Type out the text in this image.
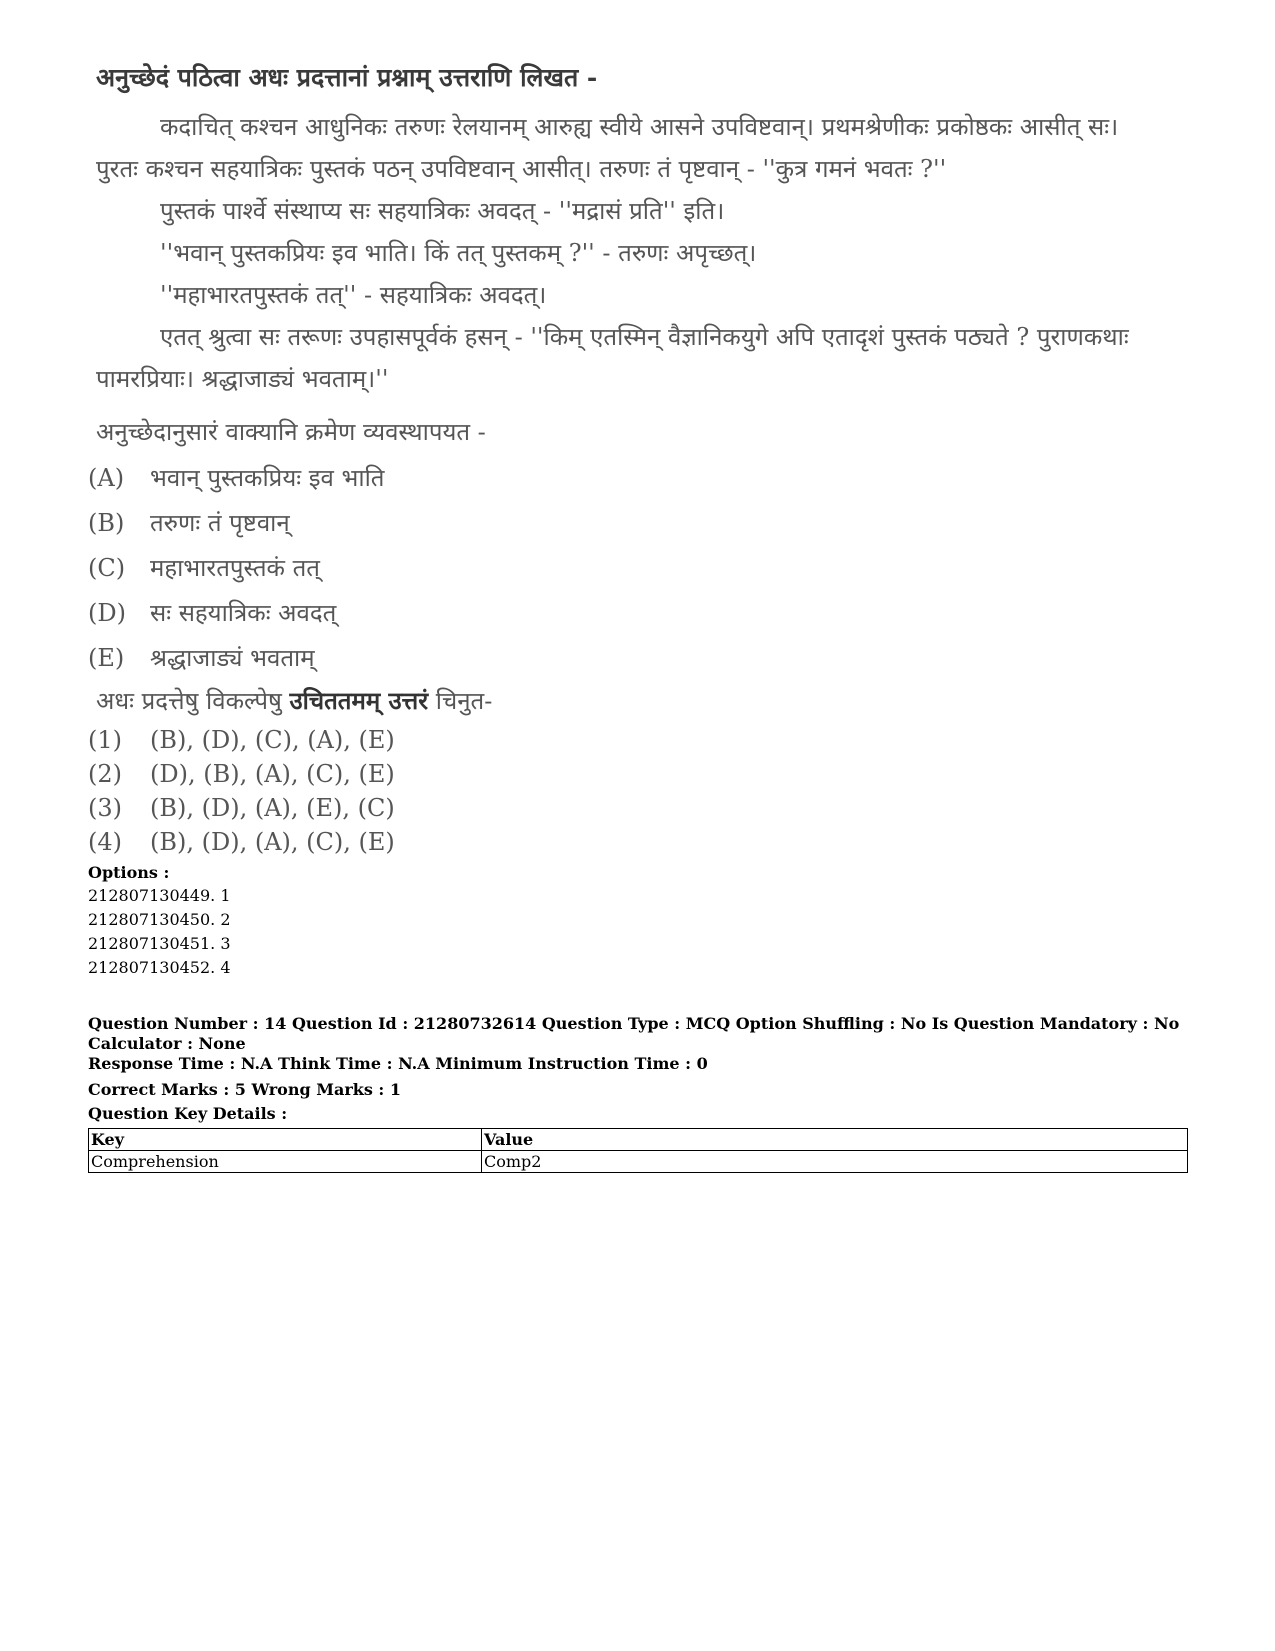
अनुच्छेदं पठित्वा अधः प्रदत्तानां प्रश्नाम् उत्तराणि लिखत -

कदाचित् कश्चन आधुनिकः तरुणः रेलयानम् आरुह्य स्वीये आसने उपविष्टवान्। प्रथमश्रेणीकः प्रकोष्ठकः आसीत् सः।

पुरतः कश्चन सहयात्रिकः पुस्तकं पठन् उपविष्टवान् आसीत्। तरुणः तं पृष्टवान् - ''कुत्र गमनं भवतः ?''

पुस्तकं पार्श्वे संस्थाप्य सः सहयात्रिकः अवदत् - ''मद्रासं प्रति'' इति।

''भवान् पुस्तकप्रियः इव भाति। किं तत् पुस्तकम् ?'' - तरुणः अपृच्छत्।

''महाभारतपुस्तकं तत्'' - सहयात्रिकः अवदत्।

एतत् श्रुत्वा सः तरूणः उपहासपूर्वकं हसन् - ''किम् एतस्मिन् वैज्ञानिकयुगे अपि एतादृशं पुस्तकं पठ्यते ? पुराणकथाः

पामरप्रियाः। श्रद्धाजाड्यं भवताम्।''

अनुच्छेदानुसारं वाक्यानि क्रमेण व्यवस्थापयत -
(A)	भवान् पुस्तकप्रियः इव भाति
(B)	तरुणः तं पृष्टवान्
(C)	महाभारतपुस्तकं तत्
(D)	सः सहयात्रिकः अवदत्
(E)	श्रद्धाजाड्यं भवताम्
अधः प्रदत्तेषु विकल्पेषु उचिततमम् उत्तरं चिनुत-
(1)	(B), (D), (C), (A), (E)
(2)	(D), (B), (A), (C), (E)
(3)	(B), (D), (A), (E), (C)
(4)	(B), (D), (A), (C), (E)

Options :

212807130449. 1

212807130450. 2

212807130451. 3

212807130452. 4

Question Number : 14 Question Id : 21280732614 Question Type : MCQ Option Shuffling : No Is Question Mandatory : No Calculator : None
Response Time : N.A Think Time : N.A Minimum Instruction Time : 0
Correct Marks : 5 Wrong Marks : 1
Question Key Details :
Key	Value
Comprehension	Comp2
